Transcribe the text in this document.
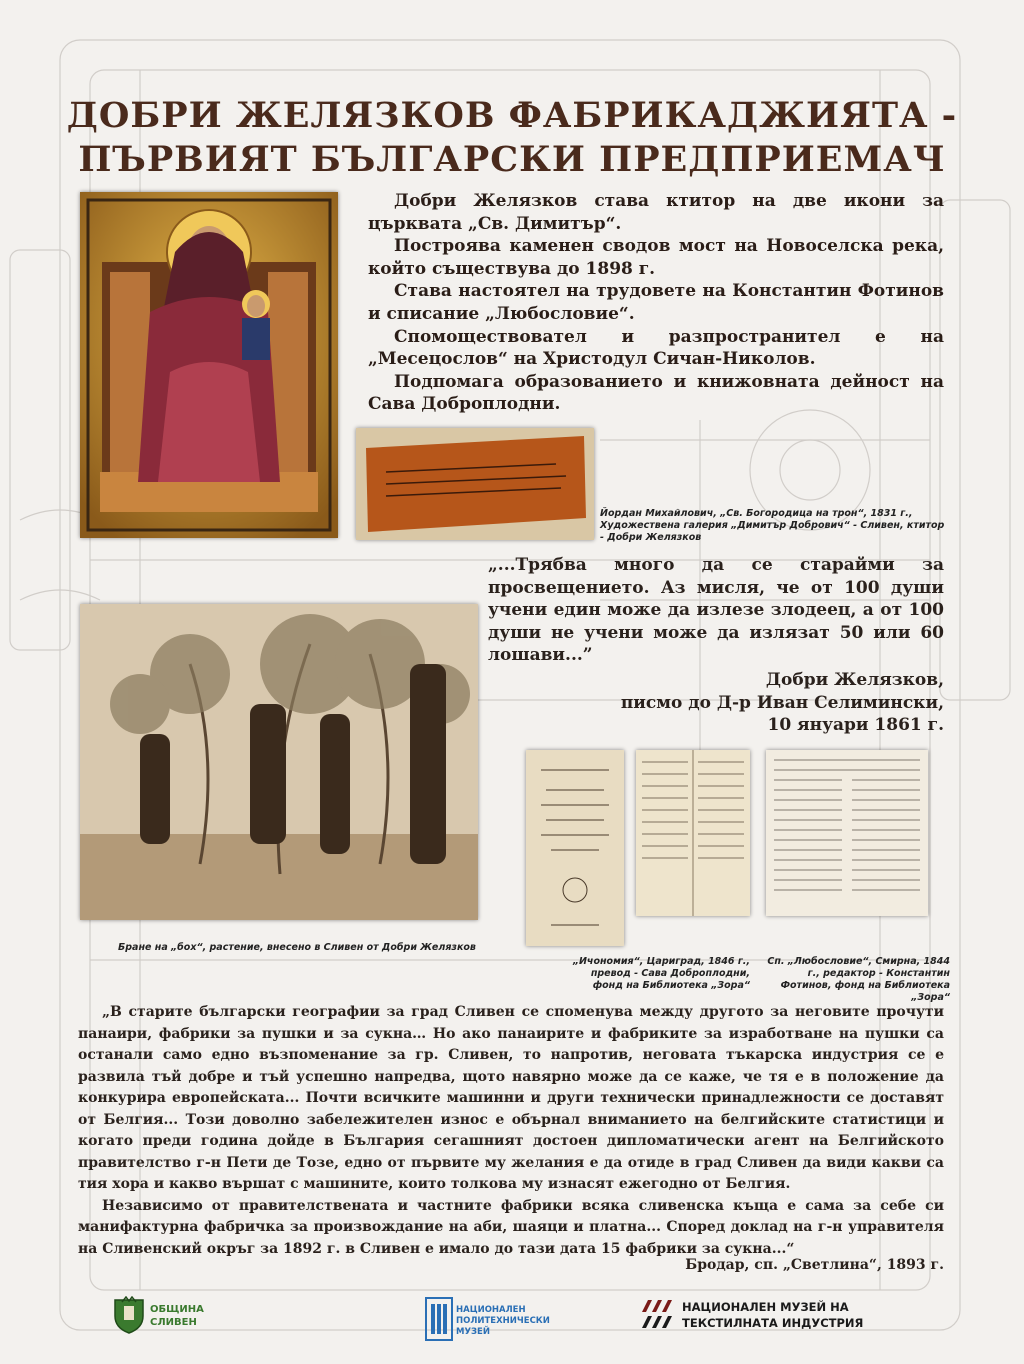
ДОБРИ ЖЕЛЯЗКОВ ФАБРИКАДЖИЯТА -
ПЪРВИЯТ БЪЛГАРСКИ ПРЕДПРИЕМАЧ
Йордан Михайлович, „Св. Богородица на трон“, 1831 г., Художествена галерия „Димитър Добрович“ - Сливен, ктитор - Добри Желязков

Добри Желязков става ктитор на две икони за църквата „Св. Димитър“.

Построява каменен сводов мост на Новоселска река, който съществува до 1898 г.

Става настоятел на трудовете на Константин Фотинов и списание „Любословие“.

Спомоществовател и разпространител е на „Месецослов“ на Христодул Сичан-Николов.

Подпомага образованието и книжовната дейност на Сава Доброплодни.

„...Трябва много да се старайми за просвещението. Аз мисля, че от 100 души учени един може да излезе злодеец, а от 100 души не учени може да излязат 50 или 60 лошави...”
Добри Желязков,
писмо до Д-р Иван Селимински,
10 януари 1861 г.
Бране на „бох“, растение, внесено в Сливен от Добри Желязков
„Ичономия“, Цариград, 1846 г., превод - Сава Доброплодни, фонд на Библиотека „Зора“
Сп. „Любословие“, Смирна, 1844 г., редактор - Константин Фотинов, фонд на Библиотека „Зора“

„В старите български географии за град Сливен се споменува между другото за неговите прочути панаири, фабрики за пушки и за сукна… Но ако панаирите и фабриките за изработване на пушки са останали само едно възпоменание за гр. Сливен, то напротив, неговата тъкарска индустрия се е развила тъй добре и тъй успешно напредва, щото навярно може да се каже, че тя е в положение да конкурира европейската... Почти всичките машинни и други технически принадлежности се доставят от Белгия... Този доволно забележителен износ е обърнал вниманието на белгийските статистици и когато преди година дойде в България сегашният достоен дипломатически агент на Белгийското правителство г-н Пети де Тозе, едно от първите му желания е да отиде в град Сливен да види какви са тия хора и какво вършат с машините, които толкова му изнасят ежегодно от Белгия.

Независимо от правителствената и частните фабрики всяка сливенска къща е сама за себе си манифактурна фабричка за произвождание на аби, шаяци и платна... Според доклад на г-н управителя на Сливенский окръг за 1892 г. в Сливен е имало до тази дата 15 фабрики за сукна...“

Бродар, сп. „Светлина“, 1893 г.
ОБЩИНА
СЛИВЕН
НАЦИОНАЛЕН
ПОЛИТЕХНИЧЕСКИ
МУЗЕЙ
НАЦИОНАЛЕН МУЗЕЙ НА
ТЕКСТИЛНАТА ИНДУСТРИЯ
